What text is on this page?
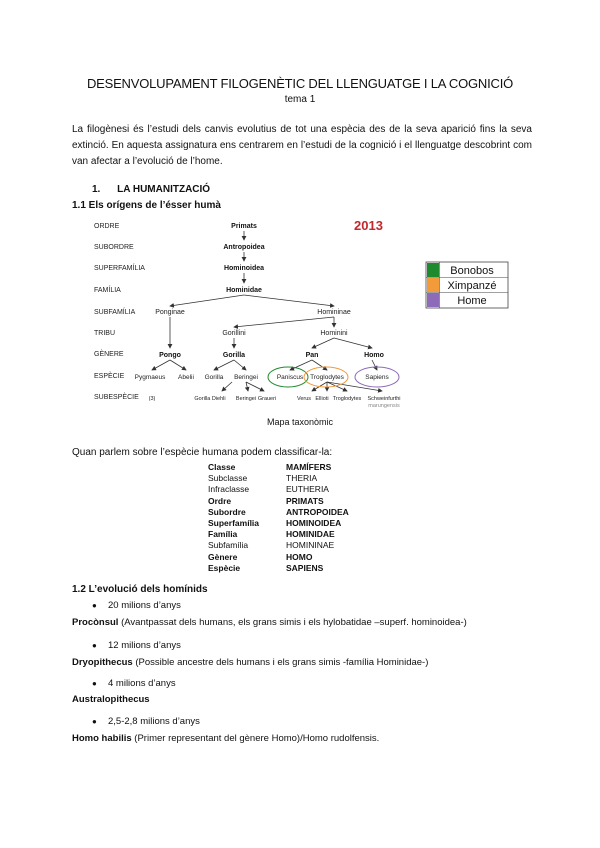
DESENVOLUPAMENT FILOGENÈTIC DEL LLENGUATGE I LA COGNICIÓ
tema 1
La filogènesi és l’estudi dels canvis evolutius de tot una espècia des de la seva aparició fins la seva extinció. En aquesta assignatura ens centrarem en l’estudi de la cognició i el llenguatge descobrint com van afectar a l’evolució de l’home.
1. LA HUMANITZACIÓ
1.1 Els orígens de l’ésser humà
ORDRE
SUBORDRE
SUPERFAMÍLIA
FAMÍLIA
SUBFAMÍLIA
TRIBU
GÈNERE
ESPÈCIE
SUBESPÈCIE
2013
Primats
Antropoidea
Hominoidea
Hominidae
Ponginae	Homininae
Gorillini	Hominini
Pongo	Gorilla	Pan	Homo
Pygmaeus Abelii Gorilla Beringei	Paniscus Troglodytes	Sapiens
(3)	Gorilla Diehli Beringei Graueri	Verus Ellioti Troglodytes Schweinfurthi
marungensis
Bonobos
Ximpanzé
Home
Mapa taxonòmic
Quan parlem sobre l’espècie humana podem classificar-la:
Classe	MAMÍFERS
Subclasse	THERIA
Infraclasse	EUTHERIA
Ordre	PRIMATS
Subordre	ANTROPOIDEA
Superfamília	HOMINOIDEA
Família	HOMINIDAE
Subfamília	HOMININAE
Gènere	HOMO
Espècie	SAPIENS
1.2 L’evolució dels homínids
● 20 milions d’anys
Procònsul (Avantpassat dels humans, els grans simis i els hylobatidae –superf. hominoidea-)
● 12 milions d’anys
Dryopithecus (Possible ancestre dels humans i els grans simis -família Hominidae-)
● 4 milions d’anys
Australopithecus
● 2,5-2,8 milions d’anys
Homo habilis (Primer representant del gènere Homo)/Homo rudolfensis.
